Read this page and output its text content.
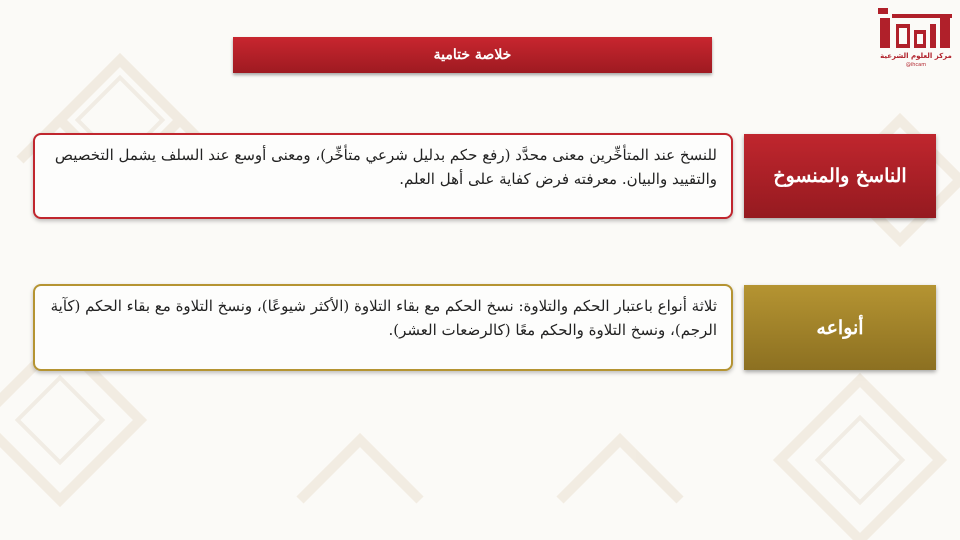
مركز العلوم الشرعية
@ihcam
خلاصة ختامية
الناسخ والمنسوخ
للنسخ عند المتأخِّرين معنى محدَّد (رفع حكم بدليل شرعي متأخِّر)، ومعنى أوسع عند السلف يشمل التخصيص والتقييد والبيان. معرفته فرض كفاية على أهل العلم.
أنواعه
ثلاثة أنواع باعتبار الحكم والتلاوة: نسخ الحكم مع بقاء التلاوة (الأكثر شيوعًا)، ونسخ التلاوة مع بقاء الحكم (كآية الرجم)، ونسخ التلاوة والحكم معًا (كالرضعات العشر).
